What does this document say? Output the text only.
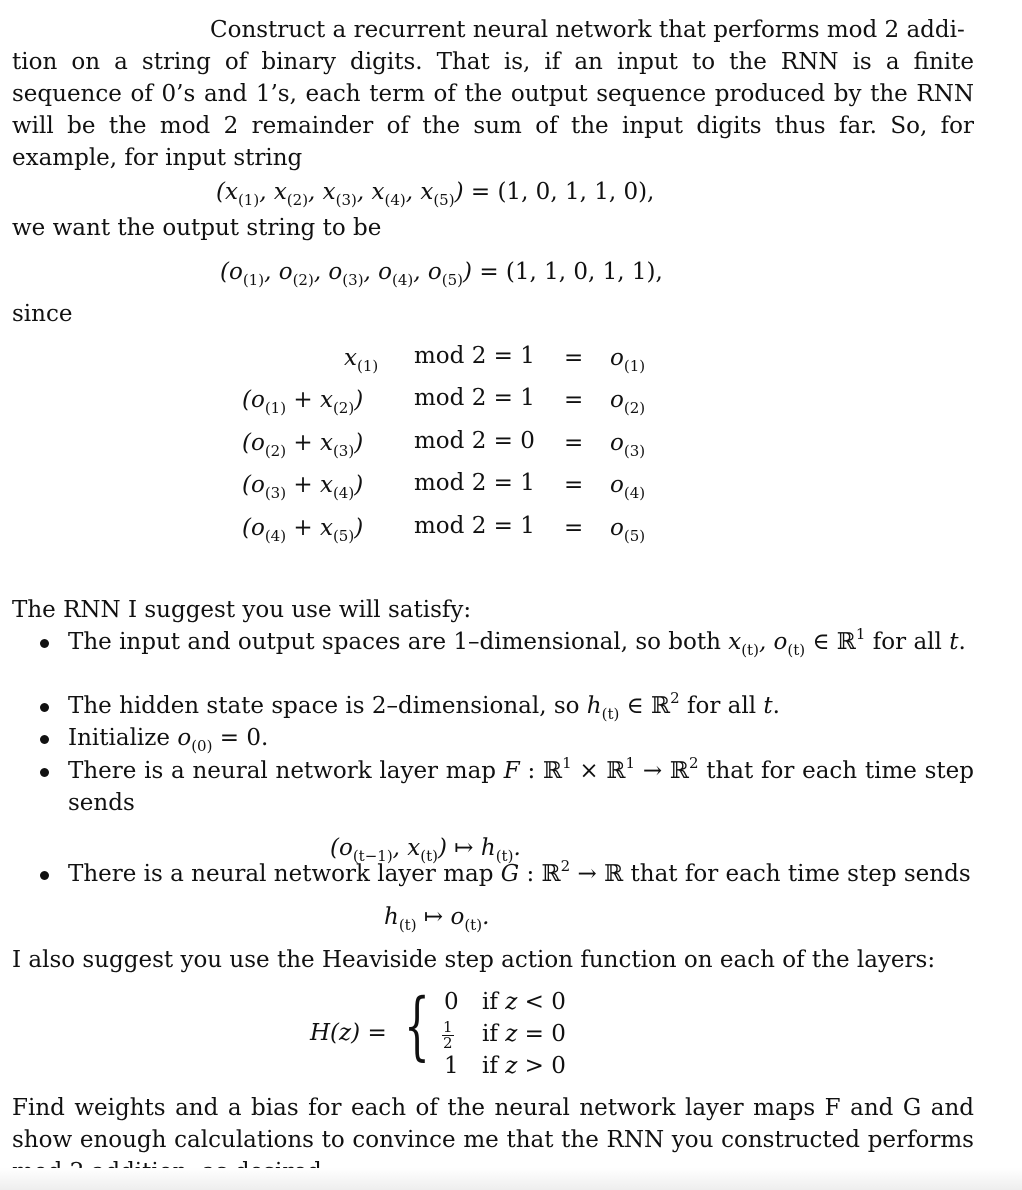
Construct a recurrent neural network that performs mod 2 addi-
tion on a string of binary digits. That is, if an input to the RNN is a finite sequence of 0’s and 1’s, each term of the output sequence produced by the RNN will be the mod 2 remainder of the sum of the input digits thus far. So, for example, for input string
($x_{(1)}$, $x_{(2)}$, $x_{(3)}$, $x_{(4)}$, $x_{(5)}) = (1$, 0, 1, 1, 0),
we want the output string to be
($o_{(1)}$, $o_{(2)}$, $o_{(3)}$, $o_{(4)}$, $o_{(5)}) = (1$, 1, 0, 1, 1),
since
$x_{(1)}$ mod $2 = 1 = o_{(1)}$
$(o_{(1)} + x_{(2)})$ mod $2 = 1 = o_{(2)}$
$(o_{(2)} + x_{(3)})$ mod $2 = 0 = o_{(3)}$
$(o_{(3)} + x_{(4)})$ mod $2 = 1 = o_{(4)}$
$(o_{(4)} + x_{(5)})$ mod $2 = 1 = o_{(5)}$
The RNN I suggest you use will satisfy:
The input and output spaces are 1–dimensional, so both $x_{(t)}$, $o_{(t)}$ ∈ ℝ$^1$ for all t.
The hidden state space is 2–dimensional, so $h_{(t)}$ ∈ ℝ$^2$ for all t.
Initialize $o_{(0)} = 0$.
There is a neural network layer map F : ℝ$^1$ × ℝ$^1$ → ℝ$^2$ that for each time step sends
($o_{(t-1)}$, $x_{(t)}$) ↦ $h_{(t)}$.
There is a neural network layer map G : ℝ$^2$ → ℝ that for each time step sends
$h_{(t)}$ ↦ $o_{(t)}$.
I also suggest you use the Heaviside step action function on each of the layers:
H(z) = { 0 if z < 0
$\frac{1}{2}$ if z = 0
1 if z > 0
Find weights and a bias for each of the neural network layer maps F and G and show enough calculations to convince me that the RNN you constructed performs
